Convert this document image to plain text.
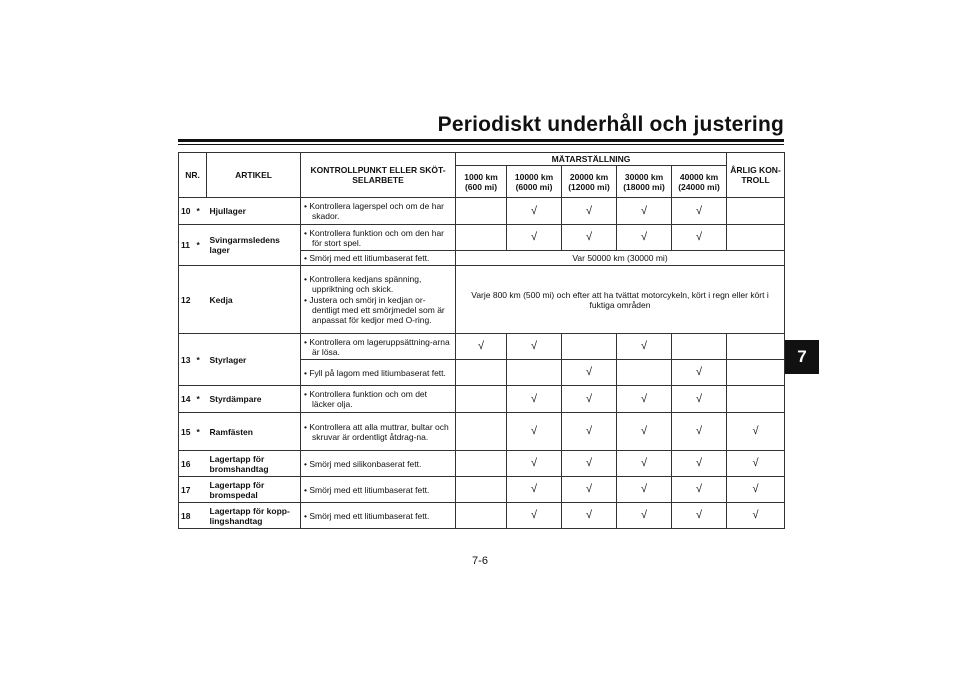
Periodiskt underhåll och justering
NR.		ARTIKEL	KONTROLLPUNKT ELLER SKÖT-SELARBETE	MÄTARSTÄLLNING					ÅRLIG KON-TROLL
				1000 km (600 mi)	10000 km (6000 mi)	20000 km (12000 mi)	30000 km (18000 mi)	40000 km (24000 mi)	
10	*	Hjullager	• Kontrollera lagerspel och om de har skador.		√	√	√	√	
11	*	Svingarmsledens lager	• Kontrollera funktion och om den har för stort spel.		√	√	√	√	

			• Smörj med ett litiumbaserat fett.	Var 50000 km (30000 mi)					
12		Kedja	• Kontrollera kedjans spänning, uppriktning och skick.
• Justera och smörj in kedjan or-dentligt med ett smörjmedel som är anpassat för kedjor med O-ring.	Varje 800 km (500 mi) och efter att ha tvättat motorcykeln, kört i regn eller kört i fuktiga områden					
13	*	Styrlager	• Kontrollera om lageruppsättning-arna är lösa.	√	√		√		

			• Fyll på lagom med litiumbaserat fett.			√		√	
14	*	Styrdämpare	• Kontrollera funktion och om det läcker olja.		√	√	√	√	
15	*	Ramfästen	• Kontrollera att alla muttrar, bultar och skruvar är ordentligt åtdrag-na.		√	√	√	√	√
16		Lagertapp för bromshandtag	• Smörj med silikonbaserat fett.		√	√	√	√	√
17		Lagertapp för bromspedal	• Smörj med ett litiumbaserat fett.		√	√	√	√	√
18		Lagertapp för kopp-lingshandtag	• Smörj med ett litiumbaserat fett.		√	√	√	√	√
7
7-6
